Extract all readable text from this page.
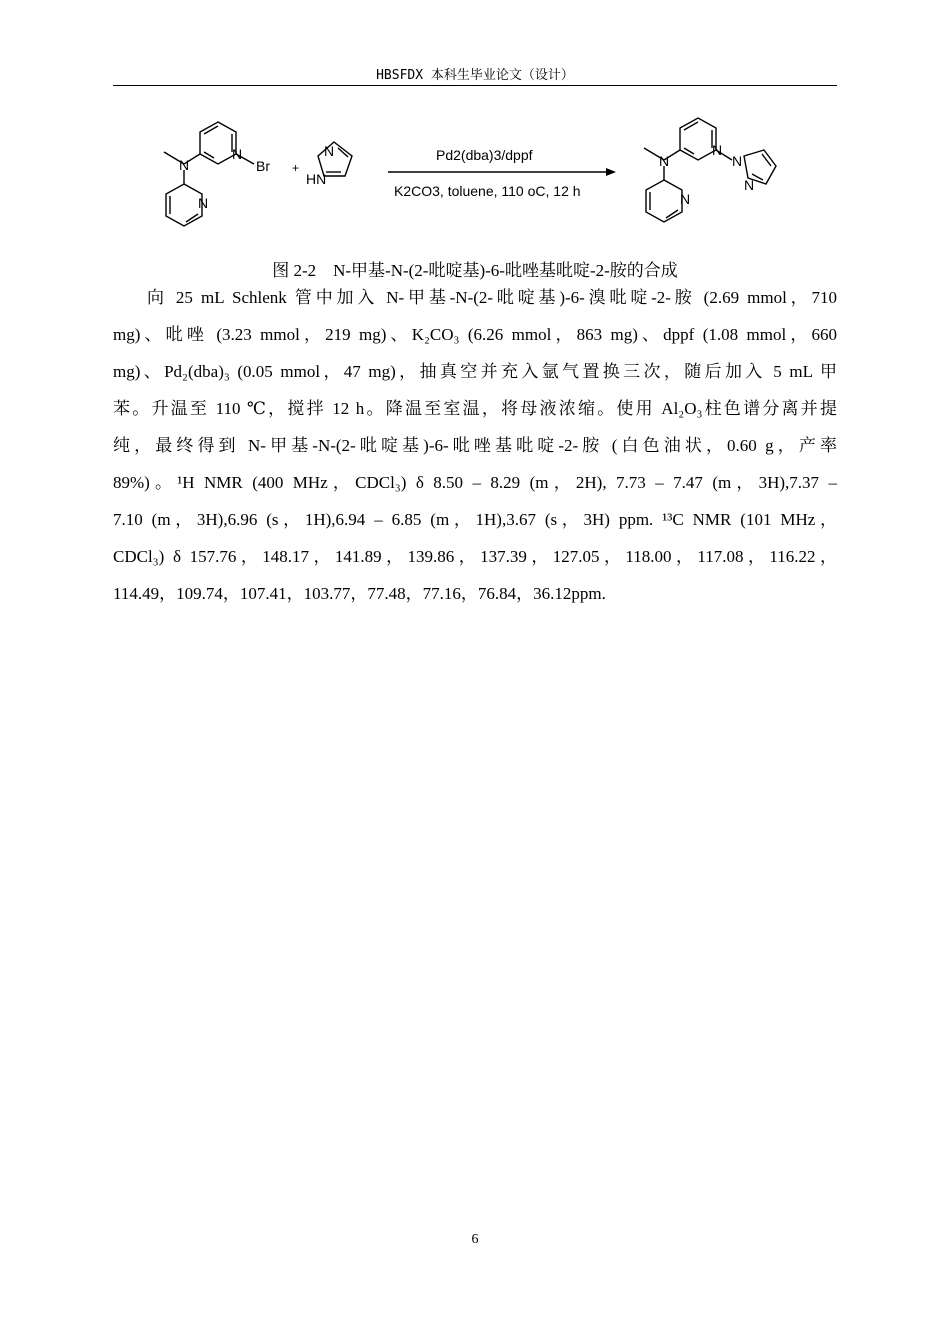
HBSFDX 本科生毕业论文（设计）
N
N
Br
N
+
N
HN
Pd2(dba)3/dppf
K2CO3, toluene, 110 oC, 12 h
N
N
N
N
N
图 2-2　N-甲基-N-(2-吡啶基)-6-吡唑基吡啶-2-胺的合成
向 25 mL Schlenk 管中加入 N-甲基-N-(2-吡啶基)-6-溴吡啶-2-胺 (2.69 mmol，710
mg)、吡唑 (3.23 mmol，219 mg)、K₂CO₃ (6.26 mmol，863 mg)、dppf (1.08 mmol，660
mg)、Pd₂(dba)₃ (0.05 mmol，47 mg)，抽真空并充入氩气置换三次，随后加入 5 mL 甲
苯。升温至 110 ℃，搅拌 12 h。降温至室温，将母液浓缩。使用 Al₂O₃柱色谱分离并提
纯，最终得到 N-甲基-N-(2-吡啶基)-6-吡唑基吡啶-2-胺 (白色油状，0.60 g，产率
89%)。¹H NMR (400 MHz，CDCl₃) δ 8.50 – 8.29 (m，2H), 7.73 – 7.47 (m，3H),7.37 –
7.10 (m，3H),6.96 (s，1H),6.94 – 6.85 (m，1H),3.67 (s，3H) ppm. ¹³C NMR (101 MHz，
CDCl₃) δ 157.76，148.17，141.89，139.86，137.39，127.05，118.00，117.08，116.22，
114.49，109.74，107.41，103.77，77.48，77.16，76.84，36.12ppm.
6
